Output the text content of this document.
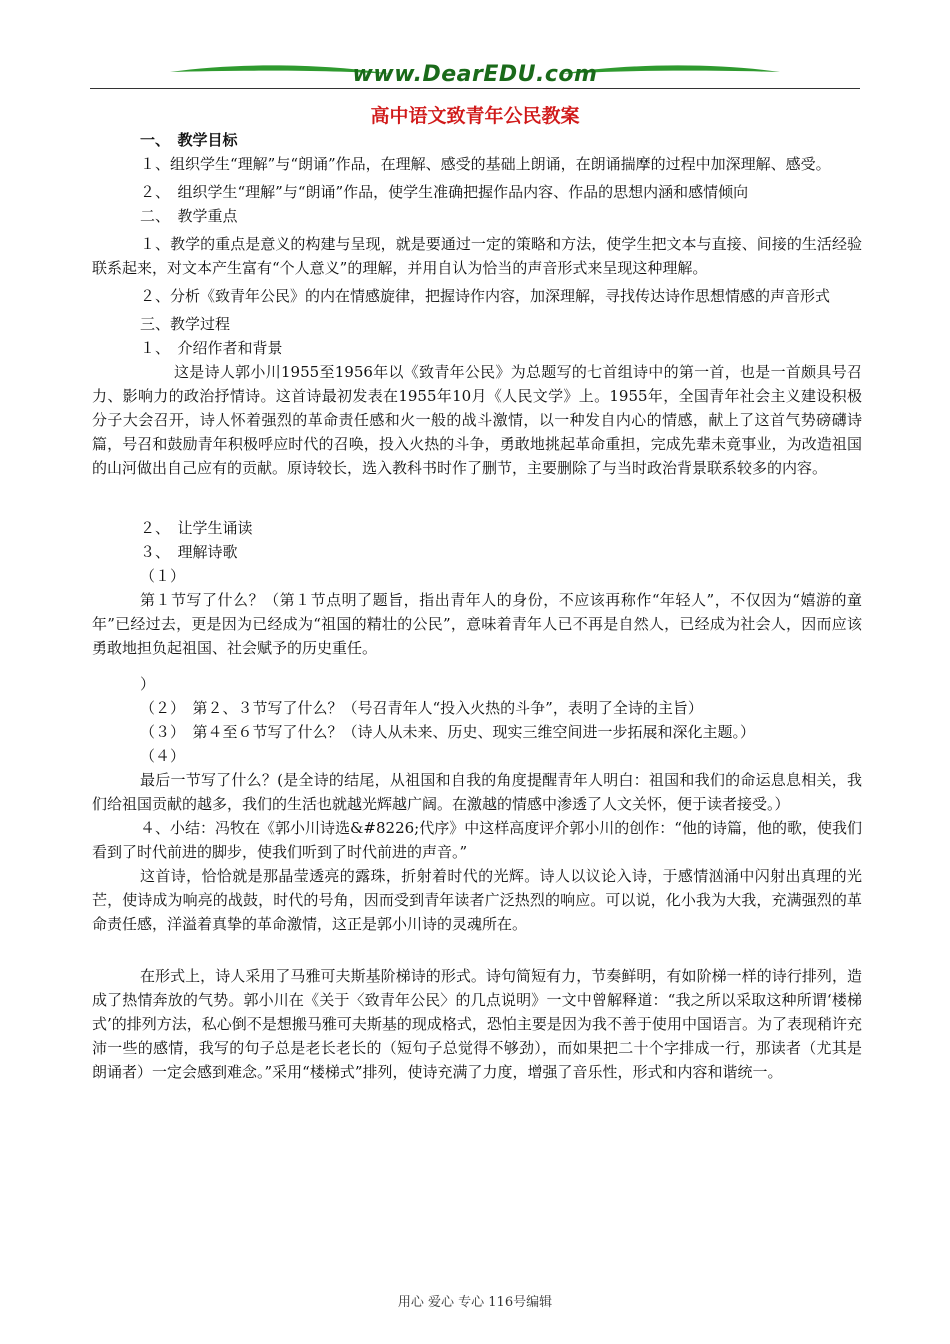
www.DearEDU.com
高中语文致青年公民教案

一、　教学目标

１、组织学生“理解”与“朗诵”作品，在理解、感受的基础上朗诵，在朗诵揣摩的过程中加深理解、感受。

２、　组织学生“理解”与“朗诵”作品，使学生准确把握作品内容、作品的思想内涵和感情倾向

二、　教学重点

１、教学的重点是意义的构建与呈现，就是要通过一定的策略和方法，使学生把文本与直接、间接的生活经验联系起来，对文本产生富有“个人意义”的理解，并用自认为恰当的声音形式来呈现这种理解。

２、分析《致青年公民》的内在情感旋律，把握诗作内容，加深理解，寻找传达诗作思想情感的声音形式

三、教学过程

１、　介绍作者和背景

这是诗人郭小川1955至1956年以《致青年公民》为总题写的七首组诗中的第一首，也是一首颇具号召力、影响力的政治抒情诗。这首诗最初发表在1955年10月《人民文学》上。1955年，全国青年社会主义建设积极分子大会召开，诗人怀着强烈的革命责任感和火一般的战斗激情，以一种发自内心的情感，献上了这首气势磅礴诗篇，号召和鼓励青年积极呼应时代的召唤，投入火热的斗争，勇敢地挑起革命重担，完成先辈未竟事业，为改造祖国的山河做出自己应有的贡献。原诗较长，选入教科书时作了删节，主要删除了与当时政治背景联系较多的内容。

２、　让学生诵读

３、　理解诗歌

（１）

第１节写了什么？（第１节点明了题旨，指出青年人的身份，不应该再称作“年轻人”，不仅因为“嬉游的童年”已经过去，更是因为已经成为“祖国的精壮的公民”，意味着青年人已不再是自然人，已经成为社会人，因而应该勇敢地担负起祖国、社会赋予的历史重任。

）

（２）　第２、３节写了什么？（号召青年人“投入火热的斗争”，表明了全诗的主旨）

（３）　第４至６节写了什么？（诗人从未来、历史、现实三维空间进一步拓展和深化主题。）

（４）

最后一节写了什么？(是全诗的结尾，从祖国和自我的角度提醒青年人明白：祖国和我们的命运息息相关，我们给祖国贡献的越多，我们的生活也就越光辉越广阔。在激越的情感中渗透了人文关怀，便于读者接受。）

４、小结：冯牧在《郭小川诗选&#8226;代序》中这样高度评介郭小川的创作：“他的诗篇，他的歌，使我们看到了时代前进的脚步，使我们听到了时代前进的声音。”

这首诗，恰恰就是那晶莹透亮的露珠，折射着时代的光辉。诗人以议论入诗，于感情汹涌中闪射出真理的光芒，使诗成为响亮的战鼓，时代的号角，因而受到青年读者广泛热烈的响应。可以说，化小我为大我，充满强烈的革命责任感，洋溢着真挚的革命激情，这正是郭小川诗的灵魂所在。

在形式上，诗人采用了马雅可夫斯基阶梯诗的形式。诗句简短有力，节奏鲜明，有如阶梯一样的诗行排列，造成了热情奔放的气势。郭小川在《关于〈致青年公民〉的几点说明》一文中曾解释道：“我之所以采取这种所谓‘楼梯式’的排列方法，私心倒不是想搬马雅可夫斯基的现成格式，恐怕主要是因为我不善于使用中国语言。为了表现稍许充沛一些的感情，我写的句子总是老长老长的（短句子总觉得不够劲），而如果把二十个字排成一行，那读者（尤其是朗诵者）一定会感到难念。”采用“楼梯式”排列，使诗充满了力度，增强了音乐性，形式和内容和谐统一。

用心 爱心 专心 116号编辑
